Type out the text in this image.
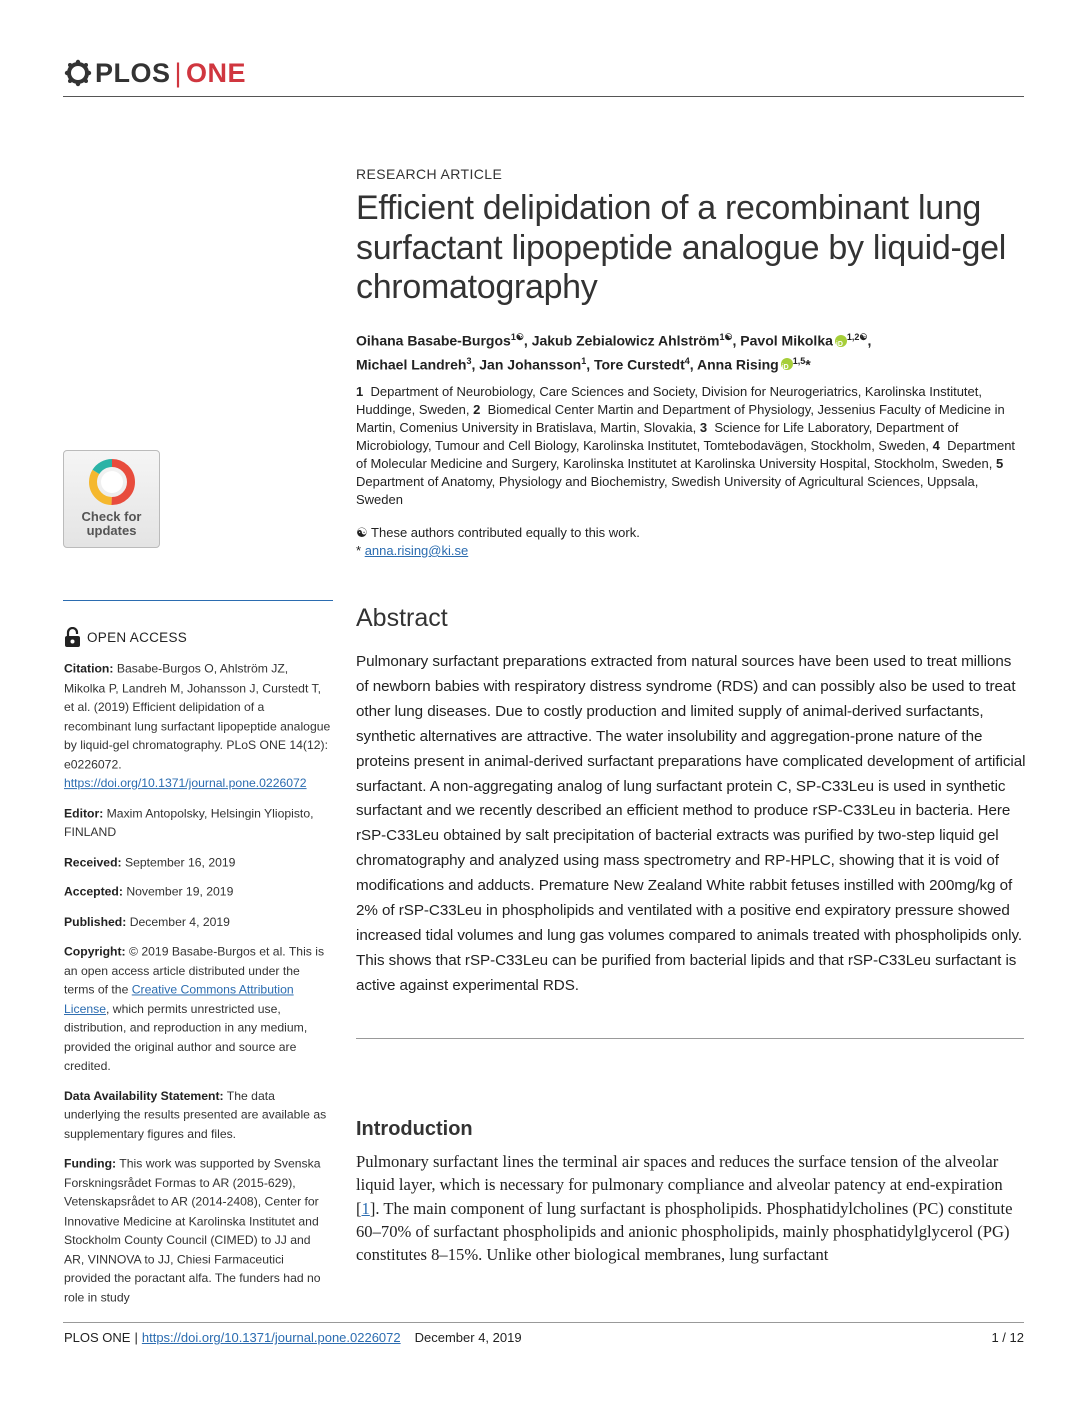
PLOS | ONE
Check for
updates
OPEN ACCESS

Citation: Basabe-Burgos O, Ahlström JZ, Mikolka P, Landreh M, Johansson J, Curstedt T, et al. (2019) Efficient delipidation of a recombinant lung surfactant lipopeptide analogue by liquid-gel chromatography. PLoS ONE 14(12): e0226072. https://doi.org/10.1371/journal.pone.0226072

Editor: Maxim Antopolsky, Helsingin Yliopisto, FINLAND

Received: September 16, 2019

Accepted: November 19, 2019

Published: December 4, 2019

Copyright: © 2019 Basabe-Burgos et al. This is an open access article distributed under the terms of the Creative Commons Attribution License, which permits unrestricted use, distribution, and reproduction in any medium, provided the original author and source are credited.

Data Availability Statement: The data underlying the results presented are available as supplementary figures and files.

Funding: This work was supported by Svenska Forskningsrådet Formas to AR (2015-629), Vetenskapsrådet to AR (2014-2408), Center for Innovative Medicine at Karolinska Institutet and Stockholm County Council (CIMED) to JJ and AR, VINNOVA to JJ, Chiesi Farmaceutici provided the poractant alfa. The funders had no role in study

RESEARCH ARTICLE
Efficient delipidation of a recombinant lung surfactant lipopeptide analogue by liquid-gel chromatography
Oihana Basabe-Burgos$^{1☯}$, Jakub Zebialowicz Ahlström$^{1☯}$, Pavol Mikolka iD $^{1,2☯}$,
Michael Landreh$^3$, Jan Johansson$^1$, Tore Curstedt$^4$, Anna Rising iD $^{1,5}$*
1 Department of Neurobiology, Care Sciences and Society, Division for Neurogeriatrics, Karolinska Institutet, Huddinge, Sweden, 2 Biomedical Center Martin and Department of Physiology, Jessenius Faculty of Medicine in Martin, Comenius University in Bratislava, Martin, Slovakia, 3 Science for Life Laboratory, Department of Microbiology, Tumour and Cell Biology, Karolinska Institutet, Tomtebodavägen, Stockholm, Sweden, 4 Department of Molecular Medicine and Surgery, Karolinska Institutet at Karolinska University Hospital, Stockholm, Sweden, 5  Department of Anatomy, Physiology and Biochemistry, Swedish University of Agricultural Sciences, Uppsala, Sweden
☯ These authors contributed equally to this work.
* anna.rising@ki.se
Abstract

Pulmonary surfactant preparations extracted from natural sources have been used to treat millions of newborn babies with respiratory distress syndrome (RDS) and can possibly also be used to treat other lung diseases. Due to costly production and limited supply of animal-derived surfactants, synthetic alternatives are attractive. The water insolubility and aggregation-prone nature of the proteins present in animal-derived surfactant preparations have complicated development of artificial surfactant. A non-aggregating analog of lung surfactant protein C, SP-C33Leu is used in synthetic surfactant and we recently described an efficient method to produce rSP-C33Leu in bacteria. Here rSP-C33Leu obtained by salt precipitation of bacterial extracts was purified by two-step liquid gel chromatography and analyzed using mass spectrometry and RP-HPLC, showing that it is void of modifications and adducts. Premature New Zealand White rabbit fetuses instilled with 200mg/kg of 2% of rSP-C33Leu in phospholipids and ventilated with a positive end expiratory pressure showed increased tidal volumes and lung gas volumes compared to animals treated with phospholipids only. This shows that rSP-C33Leu can be purified from bacterial lipids and that rSP-C33Leu surfactant is active against experimental RDS.

Introduction

Pulmonary surfactant lines the terminal air spaces and reduces the surface tension of the alveolar liquid layer, which is necessary for pulmonary compliance and alveolar patency at end-expiration [1]. The main component of lung surfactant is phospholipids. Phosphatidylcholines (PC) constitute 60–70% of surfactant phospholipids and anionic phospholipids, mainly phosphatidylglycerol (PG) constitutes 8–15%. Unlike other biological membranes, lung surfactant

PLOS ONE | https://doi.org/10.1371/journal.pone.0226072 December 4, 2019	1 / 12
